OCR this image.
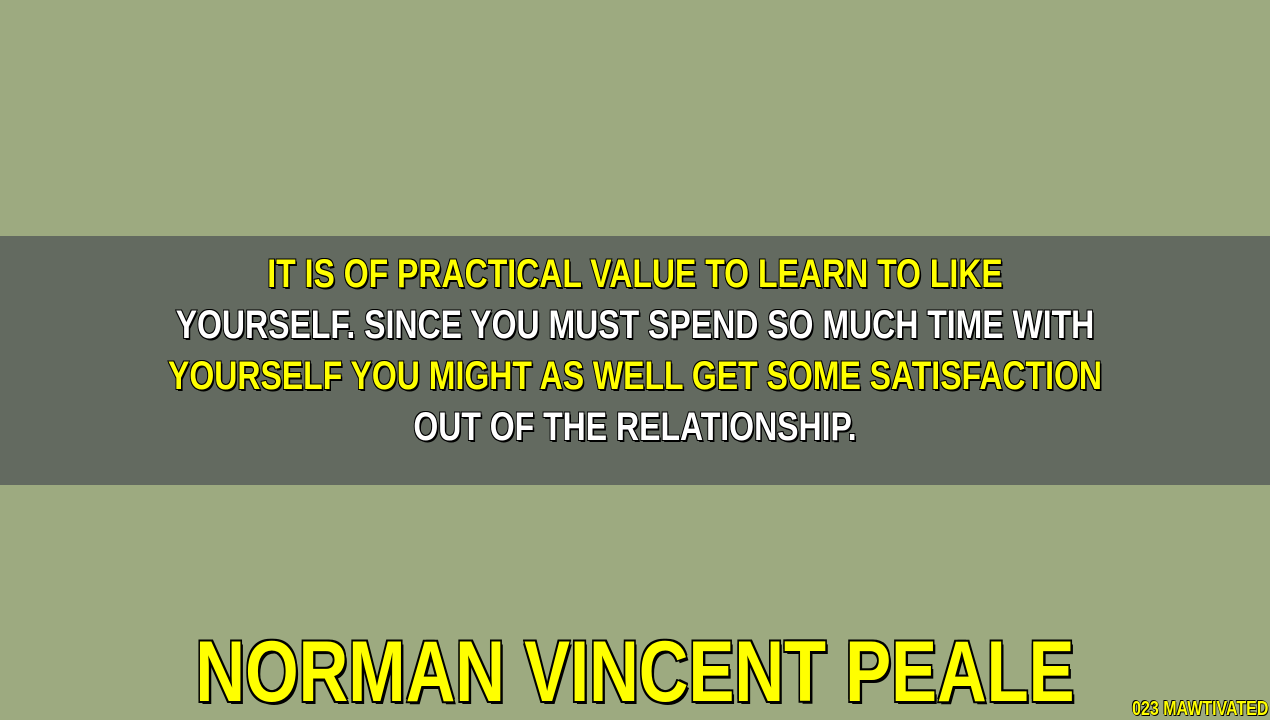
IT IS OF PRACTICAL VALUE TO LEARN TO LIKE
YOURSELF. SINCE YOU MUST SPEND SO MUCH TIME WITH
YOURSELF YOU MIGHT AS WELL GET SOME SATISFACTION
OUT OF THE RELATIONSHIP.
NORMAN VINCENT PEALE	023 MAWTIVATED
